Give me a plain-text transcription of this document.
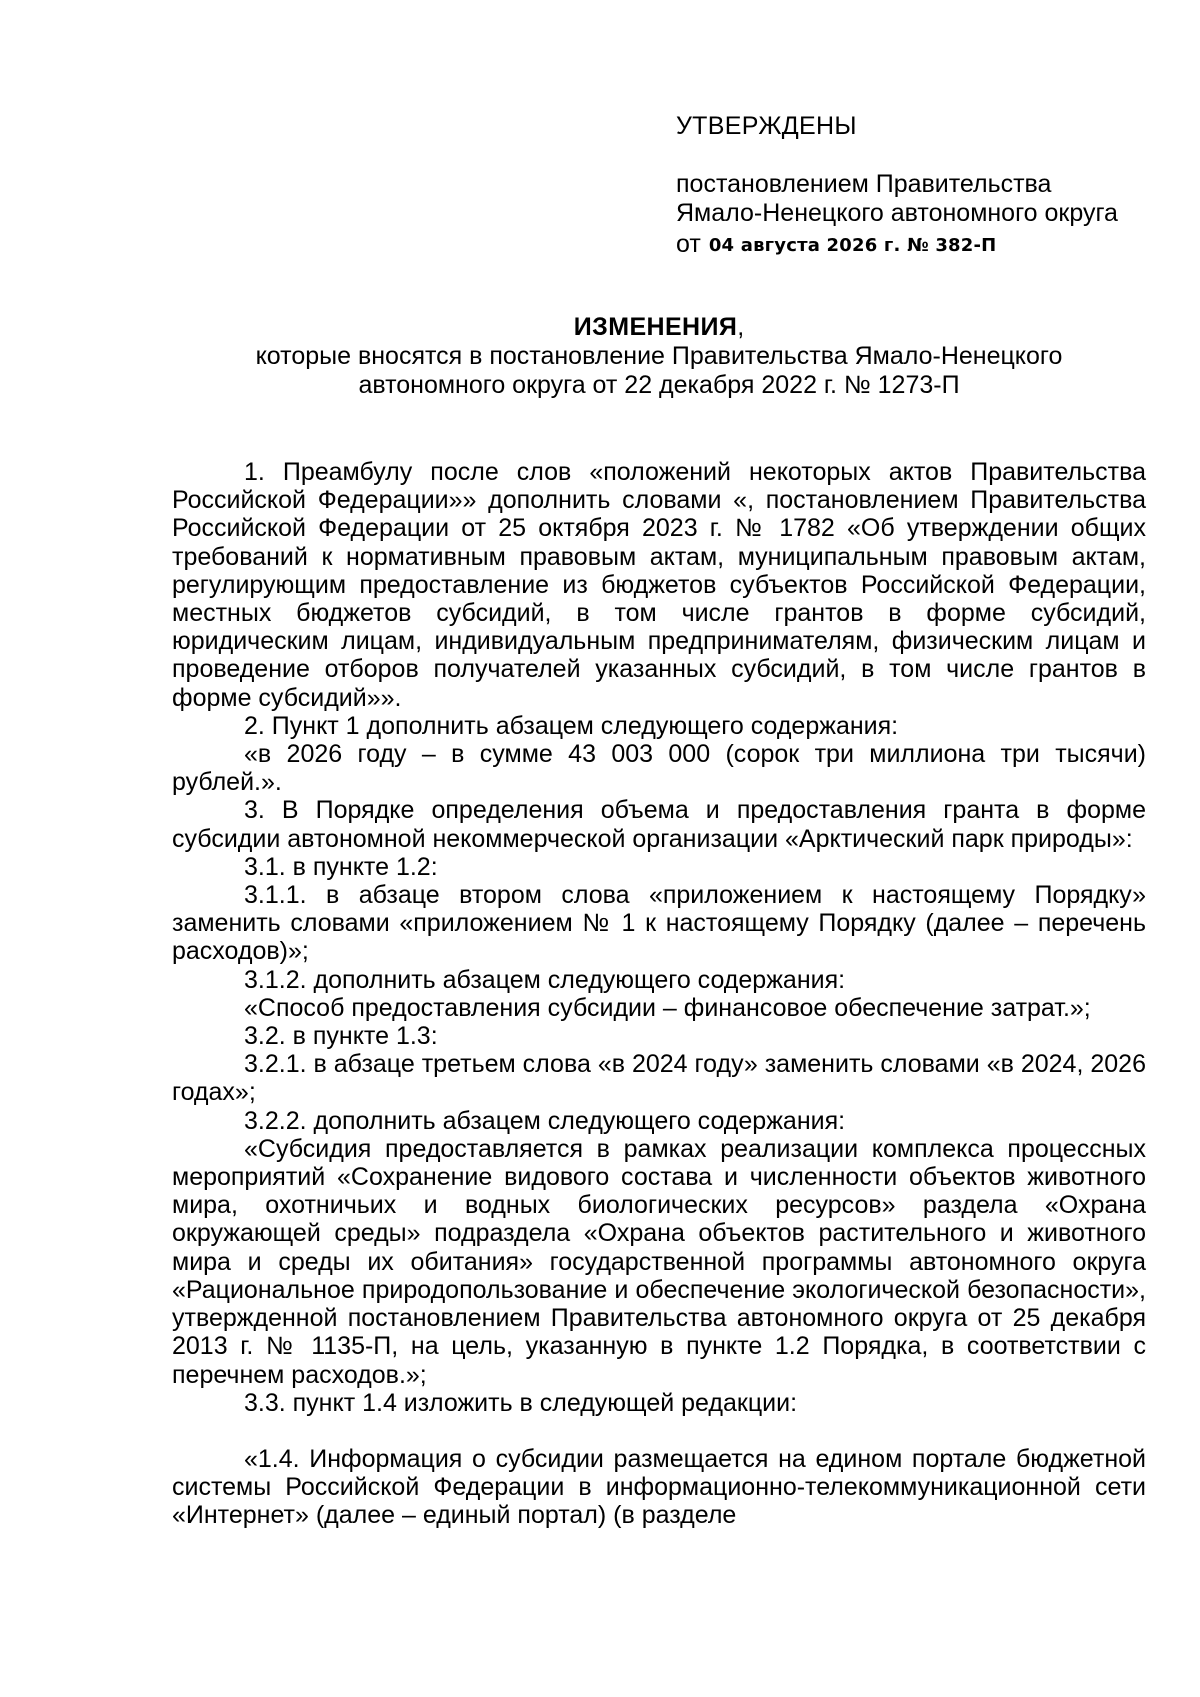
УТВЕРЖДЕНЫ
постановлением Правительства
Ямало-Ненецкого автономного округа
от 04 августа 2026 г. № 382-П
ИЗМЕНЕНИЯ,
которые вносятся в постановление Правительства Ямало-Ненецкого
автономного округа от 22 декабря 2022 г. № 1273-П

1. Преамбулу после слов «положений некоторых актов Правительства Российской Федерации»» дополнить словами «, постановлением Правительства Российской Федерации от 25 октября 2023 г. № 1782 «Об утверждении общих требований к нормативным правовым актам, муниципальным правовым актам, регулирующим предоставление из бюджетов субъектов Российской Федерации, местных бюджетов субсидий, в том числе грантов в форме субсидий, юридическим лицам, индивидуальным предпринимателям, физическим лицам и проведение отборов получателей указанных субсидий, в том числе грантов в форме субсидий»».

2. Пункт 1 дополнить абзацем следующего содержания:

«в 2026 году – в сумме 43 003 000 (сорок три миллиона три тысячи) рублей.».

3. В Порядке определения объема и предоставления гранта в форме субсидии автономной некоммерческой организации «Арктический парк природы»:

3.1. в пункте 1.2:

3.1.1. в абзаце втором слова «приложением к настоящему Порядку» заменить словами «приложением № 1 к настоящему Порядку (далее – перечень расходов)»;

3.1.2. дополнить абзацем следующего содержания:

«Способ предоставления субсидии – финансовое обеспечение затрат.»;

3.2. в пункте 1.3:

3.2.1. в абзаце третьем слова «в 2024 году» заменить словами «в 2024, 2026 годах»;

3.2.2. дополнить абзацем следующего содержания:

«Субсидия предоставляется в рамках реализации комплекса процессных мероприятий «Сохранение видового состава и численности объектов животного мира, охотничьих и водных биологических ресурсов» раздела «Охрана окружающей среды» подраздела «Охрана объектов растительного и животного мира и среды их обитания» государственной программы автономного округа «Рациональное природопользование и обеспечение экологической безопасности», утвержденной постановлением Правительства автономного округа от 25 декабря 2013 г. № 1135-П, на цель, указанную в пункте 1.2 Порядка, в соответствии с перечнем расходов.»;

3.3. пункт 1.4 изложить в следующей редакции:

«1.4. Информация о субсидии размещается на едином портале бюджетной системы Российской Федерации в информационно-телекоммуникационной сети «Интернет» (далее – единый портал) (в разделе
